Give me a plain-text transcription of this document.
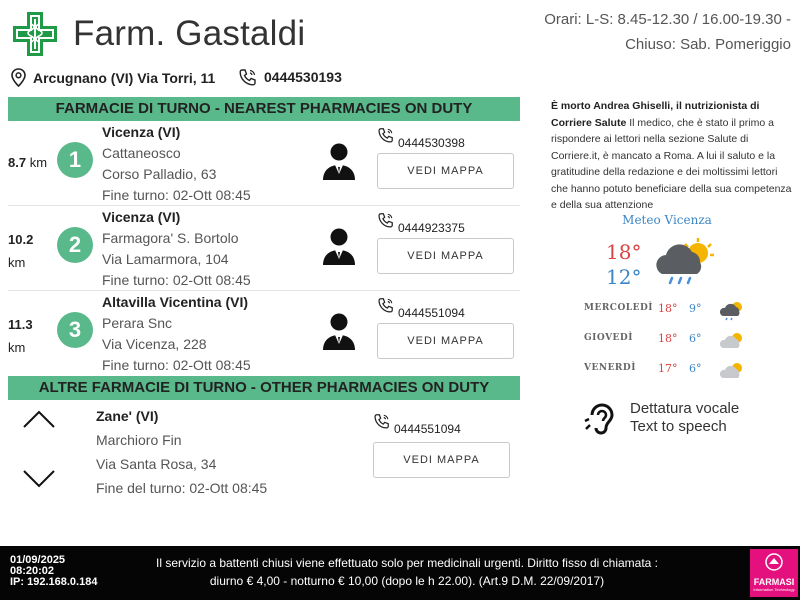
Farm. Gastaldi	Orari: L-S: 8.45-12.30 / 16.00-19.30 -
Chiuso: Sab. Pomeriggio
Arcugnano (VI) Via Torri, 11	0444530193
FARMACIE DI TURNO - NEAREST PHARMACIES ON DUTY
8.7 km 1
Vicenza (VI)
Cattaneosco
Corso Palladio, 63
Fine turno: 02-Ott 08:45
0444530398
VEDI MAPPA
10.2
km
2
Vicenza (VI)
Farmagora' S. Bortolo
Via Lamarmora, 104
Fine turno: 02-Ott 08:45
0444923375
VEDI MAPPA
11.3
km
3
Altavilla Vicentina (VI)
Perara Snc
Via Vicenza, 228
Fine turno: 02-Ott 08:45
0444551094
VEDI MAPPA
ALTRE FARMACIE DI TURNO - OTHER PHARMACIES ON DUTY
Zane' (VI)
Marchioro Fin
Via Santa Rosa, 34
Fine del turno: 02-Ott 08:45
0444551094
VEDI MAPPA
È morto Andrea Ghiselli, il nutrizionista di Corriere Salute Il medico, che è stato il primo a rispondere ai lettori nella sezione Salute di Corriere.it, è mancato a Roma. A lui il saluto e la gratitudine della redazione e dei moltissimi lettori che hanno potuto beneficiare della sua competenza e della sua attenzione
Meteo Vicenza
18°
12°
MERCOLEDÌ 18° 9°
GIOVEDÌ 18° 6°
VENERDÌ 17° 6°
Dettatura vocale
Text to speech
01/09/2025
08:20:02
IP: 192.168.0.184
Il servizio a battenti chiusi viene effettuato solo per medicinali urgenti. Diritto fisso di chiamata :
diurno € 4,00 - notturno € 10,00 (dopo le h 22.00). (Art.9 D.M. 22/09/2017)	FARMASI
Information Technology
